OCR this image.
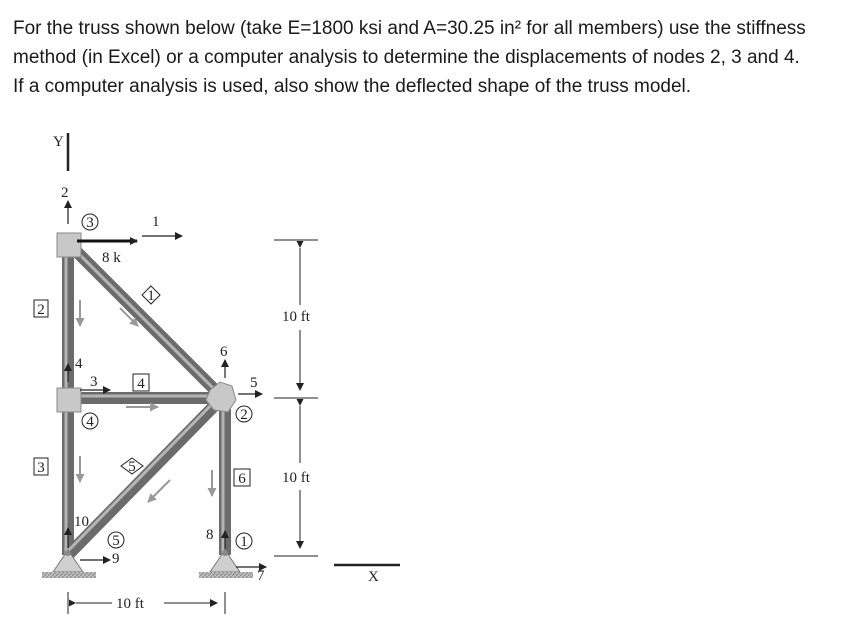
For the truss shown below (take E=1800 ksi and A=30.25 in² for all members) use the stiffness

method (in Excel) or a computer analysis to determine the displacements of nodes 2, 3 and 4.

If a computer analysis is used, also show the deflected shape of the truss model.

Y
X
8 k
1
2
3
4
5
6
7
8
9
10
1
2
3
4
5
1
2
3
4
5
6
10 ft
10 ft
10 ft
